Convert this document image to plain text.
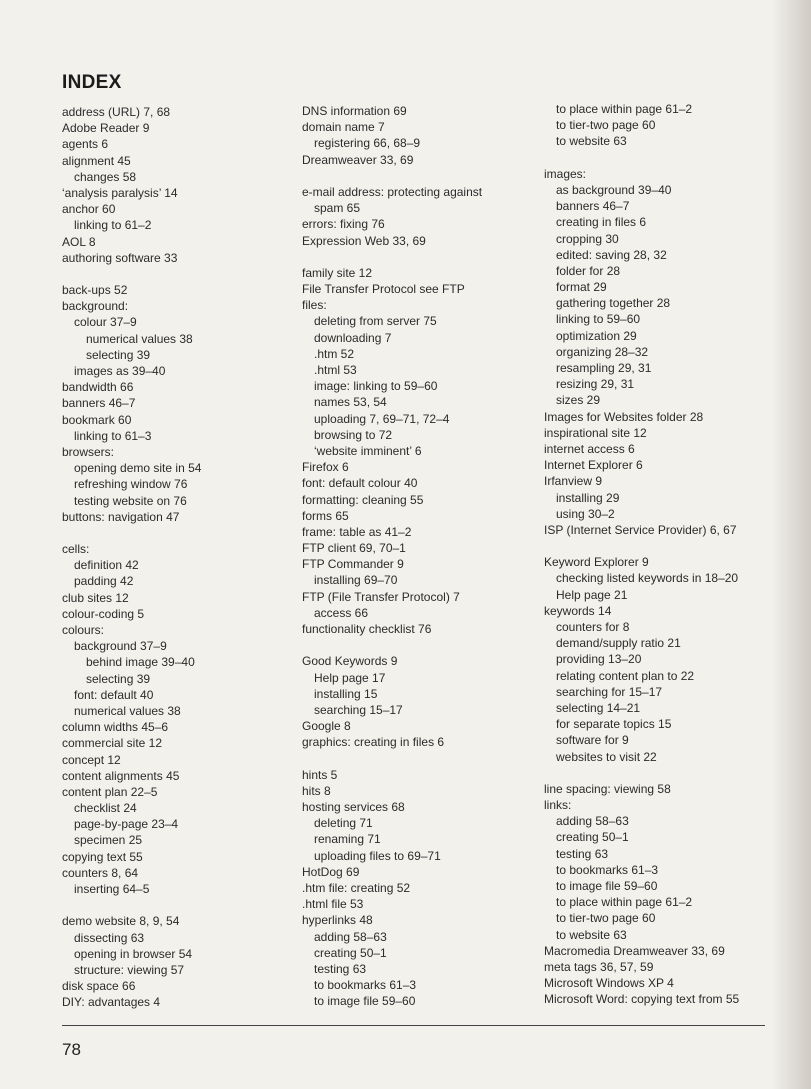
INDEX
address (URL) 7, 68
Adobe Reader 9
agents 6
alignment 45
changes 58
‘analysis paralysis’ 14
anchor 60
linking to 61–2
AOL 8
authoring software 33
back-ups 52
background:
colour 37–9
numerical values 38
selecting 39
images as 39–40
bandwidth 66
banners 46–7
bookmark 60
linking to 61–3
browsers:
opening demo site in 54
refreshing window 76
testing website on 76
buttons: navigation 47
cells:
definition 42
padding 42
club sites 12
colour-coding 5
colours:
background 37–9
behind image 39–40
selecting 39
font: default 40
numerical values 38
column widths 45–6
commercial site 12
concept 12
content alignments 45
content plan 22–5
checklist 24
page-by-page 23–4
specimen 25
copying text 55
counters 8, 64
inserting 64–5
demo website 8, 9, 54
dissecting 63
opening in browser 54
structure: viewing 57
disk space 66
DIY: advantages 4
DNS information 69
domain name 7
registering 66, 68–9
Dreamweaver 33, 69
e-mail address: protecting against
spam 65
errors: fixing 76
Expression Web 33, 69
family site 12
File Transfer Protocol see FTP
files:
deleting from server 75
downloading 7
.htm 52
.html 53
image: linking to 59–60
names 53, 54
uploading 7, 69–71, 72–4
browsing to 72
‘website imminent’ 6
Firefox 6
font: default colour 40
formatting: cleaning 55
forms 65
frame: table as 41–2
FTP client 69, 70–1
FTP Commander 9
installing 69–70
FTP (File Transfer Protocol) 7
access 66
functionality checklist 76
Good Keywords 9
Help page 17
installing 15
searching 15–17
Google 8
graphics: creating in files 6
hints 5
hits 8
hosting services 68
deleting 71
renaming 71
uploading files to 69–71
HotDog 69
.htm file: creating 52
.html file 53
hyperlinks 48
adding 58–63
creating 50–1
testing 63
to bookmarks 61–3
to image file 59–60
to place within page 61–2
to tier-two page 60
to website 63
images:
as background 39–40
banners 46–7
creating in files 6
cropping 30
edited: saving 28, 32
folder for 28
format 29
gathering together 28
linking to 59–60
optimization 29
organizing 28–32
resampling 29, 31
resizing 29, 31
sizes 29
Images for Websites folder 28
inspirational site 12
internet access 6
Internet Explorer 6
Irfanview 9
installing 29
using 30–2
ISP (Internet Service Provider) 6, 67
Keyword Explorer 9
checking listed keywords in 18–20
Help page 21
keywords 14
counters for 8
demand/supply ratio 21
providing 13–20
relating content plan to 22
searching for 15–17
selecting 14–21
for separate topics 15
software for 9
websites to visit 22
line spacing: viewing 58
links:
adding 58–63
creating 50–1
testing 63
to bookmarks 61–3
to image file 59–60
to place within page 61–2
to tier-two page 60
to website 63
Macromedia Dreamweaver 33, 69
meta tags 36, 57, 59
Microsoft Windows XP 4
Microsoft Word: copying text from 55
78
